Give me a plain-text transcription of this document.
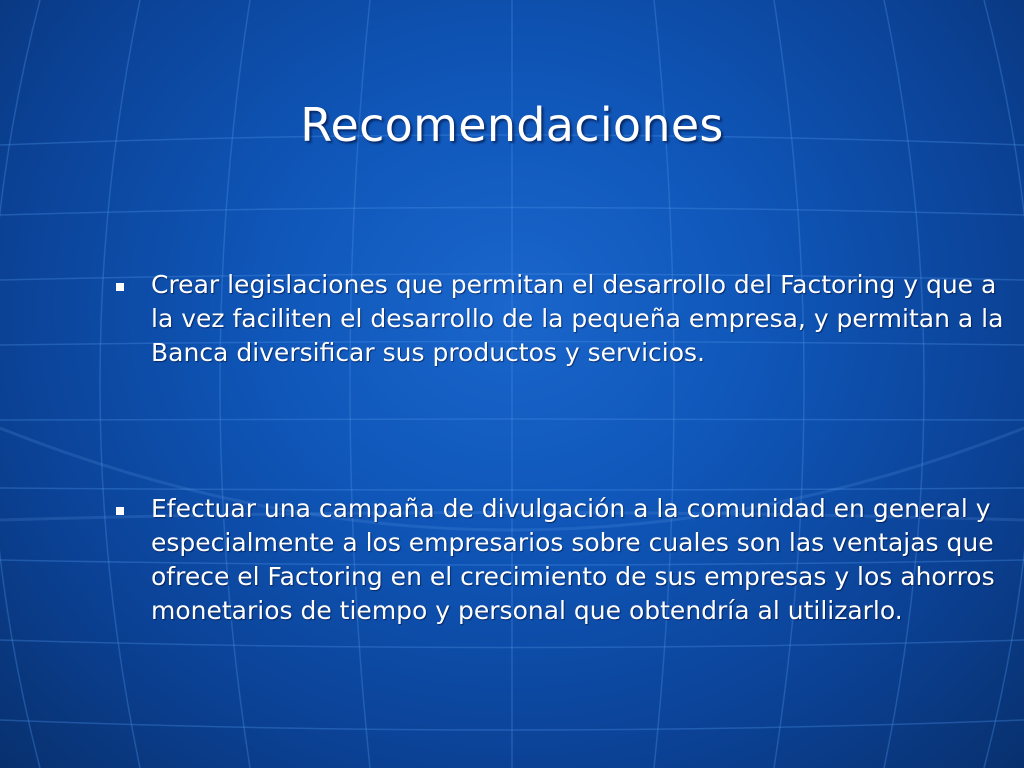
Recomendaciones
Crear legislaciones que permitan el desarrollo del Factoring y que a la vez faciliten el desarrollo de la pequeña empresa, y permitan a la Banca diversificar sus productos y servicios.
Efectuar una campaña de divulgación a la comunidad en general y especialmente a los empresarios sobre cuales son las ventajas que ofrece el Factoring en el crecimiento de sus empresas y los ahorros monetarios de tiempo y personal que obtendría al utilizarlo.
